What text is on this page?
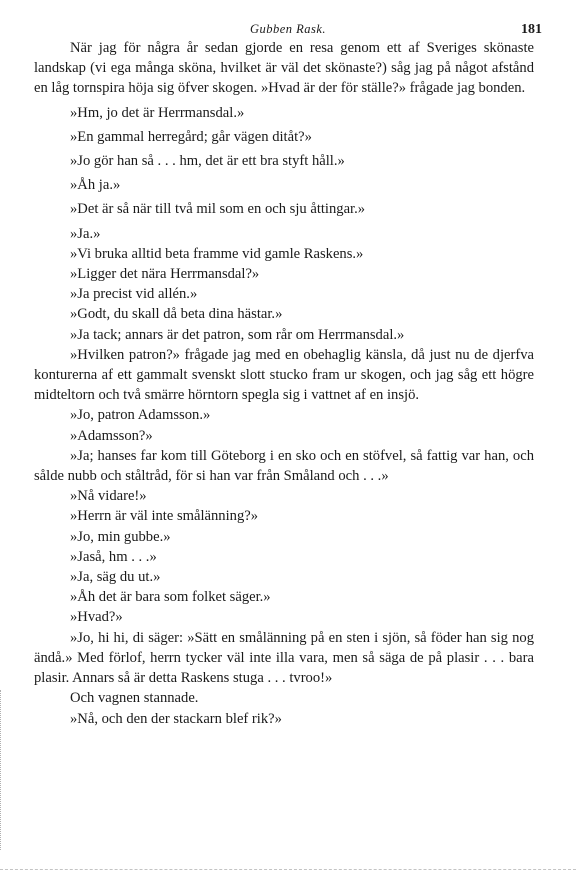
Gubben Rask.	181

När jag för några år sedan gjorde en resa genom ett af Sveriges skönaste landskap (vi ega många sköna, hvilket är väl det skönaste?) såg jag på något afstånd en låg tornspira höja sig öfver skogen. »Hvad är der för ställe?» frågade jag bonden.

»Hm, jo det är Herrmansdal.»

»En gammal herregård; går vägen ditåt?»

»Jo gör han så . . . hm, det är ett bra styft håll.»

»Åh ja.»

»Det är så när till två mil som en och sju åttingar.»

»Ja.»

»Vi bruka alltid beta framme vid gamle Raskens.»

»Ligger det nära Herrmansdal?»

»Ja precist vid allén.»

»Godt, du skall då beta dina hästar.»

»Ja tack; annars är det patron, som rår om Herrmansdal.»

»Hvilken patron?» frågade jag med en obehaglig känsla, då just nu de djerfva konturerna af ett gammalt svenskt slott stucko fram ur skogen, och jag såg ett högre midteltorn och två smärre hörntorn spegla sig i vattnet af en insjö.

»Jo, patron Adamsson.»

»Adamsson?»

»Ja; hanses far kom till Göteborg i en sko och en stöfvel, så fattig var han, och sålde nubb och ståltråd, för si han var från Småland och . . .»

»Nå vidare!»

»Herrn är väl inte smålänning?»

»Jo, min gubbe.»

»Jaså, hm . . .»

»Ja, säg du ut.»

»Åh det är bara som folket säger.»

»Hvad?»

»Jo, hi hi, di säger: »Sätt en smålänning på en sten i sjön, så föder han sig nog ändå.» Med förlof, herrn tycker väl inte illa vara, men så säga de på plasir . . . bara plasir. Annars så är detta Raskens stuga . . . tvroo!»

Och vagnen stannade.

»Nå, och den der stackarn blef rik?»
